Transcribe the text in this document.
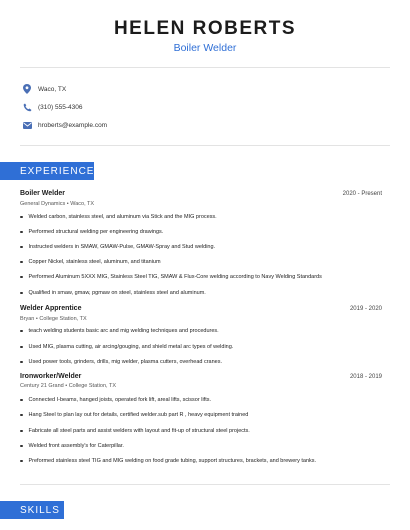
HELEN ROBERTS
Boiler Welder
Waco, TX
(310) 555-4306
hroberts@example.com
EXPERIENCE
Boiler Welder	2020 - Present
General Dynamics • Waco, TX
Welded carbon, stainless steel, and aluminum via Stick and the MIG process.
Performed structural welding per engineering drawings.
Instructed welders in SMAW, GMAW-Pulse, GMAW-Spray and Stud welding.
Copper Nickel, stainless steel, aluminum, and titanium
Performed Aluminum 5XXX MIG, Stainless Steel TIG, SMAW & Flux-Core welding according to Navy Welding Standards
Qualified in smaw, gmaw, pgmaw on steel, stainless steel and aluminum.
Welder Apprentice	2019 - 2020
Bryan • College Station, TX
teach welding students basic arc and mig welding techniques and procedures.
Used MIG, plasma cutting, air arcing/gouging, and shield metal arc types of welding.
Used power tools, grinders, drills, mig welder, plasma cutters, overhead cranes.
Ironworker/Welder	2018 - 2019
Century 21 Grand • College Station, TX
Connected I-beams, hanged joists, operated fork lift, areal lifts, scissor lifts.
Hang Steel to plan lay out for details, certified welder.sub part R , heavy equipment trained
Fabricate all steel parts and assist welders with layout and fit-up of structural steel projects.
Welded front assembly's for Caterpillar.
Preformed stainless steel TIG and MIG welding on food grade tubing, support structures, brackets, and brewery tanks.
SKILLS
